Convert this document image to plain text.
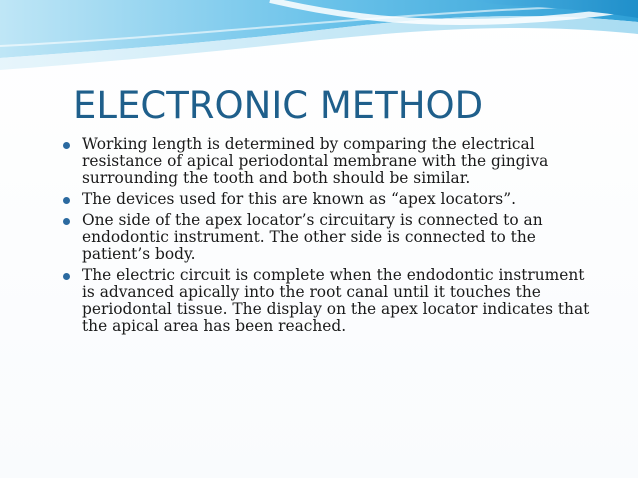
ELECTRONIC METHOD
Working length is determined by comparing the electrical resistance of apical periodontal membrane with the gingiva surrounding the tooth and both should be similar.
The devices used for this are known as “apex locators”.
One side of the apex locator’s circuitary is connected to an endodontic instrument. The other side is connected to the patient’s body.
The electric circuit is complete when the endodontic instrument is advanced apically into the root canal until it touches the periodontal tissue. The display on the apex locator indicates that the apical area has been reached.
